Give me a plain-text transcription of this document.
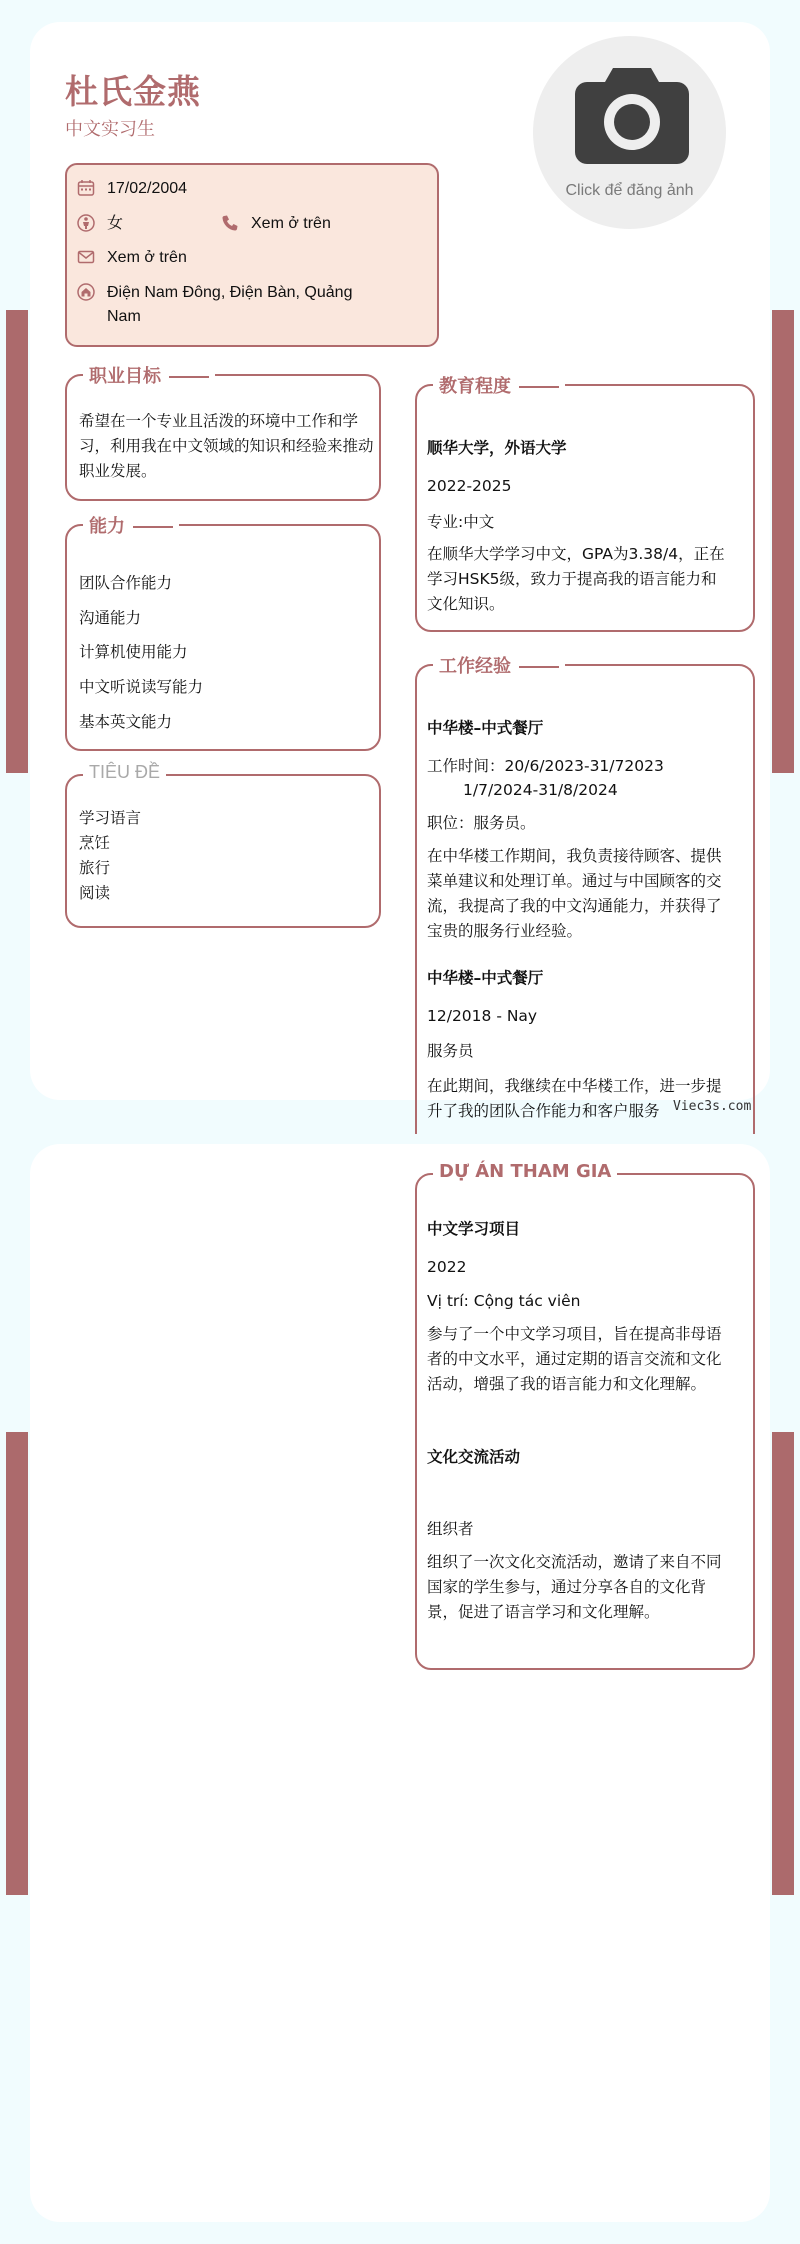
杜氏金燕
中文实习生
Click để đăng ảnh
17/02/2004
女	Xem ở trên
Xem ở trên
Điện Nam Đông, Điện Bàn, Quảng Nam
职业目标
希望在一个专业且活泼的环境中工作和学习，利用我在中文领域的知识和经验来推动职业发展。
能力
团队合作能力
沟通能力
计算机使用能力
中文听说读写能力
基本英文能力
TIÊU ĐỀ
学习语言
烹饪
旅行
阅读
教育程度
顺华大学，外语大学
2022-2025
专业:中文
在顺华大学学习中文，GPA为3.38/4，正在学习HSK5级，致力于提高我的语言能力和文化知识。
工作经验
中华楼–中式餐厅
工作时间：20/6/2023-31/72023
1/7/2024-31/8/2024
职位：服务员。
在中华楼工作期间，我负责接待顾客、提供菜单建议和处理订单。通过与中国顾客的交流，我提高了我的中文沟通能力，并获得了宝贵的服务行业经验。
中华楼–中式餐厅
12/2018 - Nay
服务员
在此期间，我继续在中华楼工作，进一步提升了我的团队合作能力和客户服务	Viec3s.com
DỰ ÁN THAM GIA
中文学习项目
2022
Vị trí: Cộng tác viên
参与了一个中文学习项目，旨在提高非母语者的中文水平，通过定期的语言交流和文化活动，增强了我的语言能力和文化理解。
文化交流活动
组织者
组织了一次文化交流活动，邀请了来自不同国家的学生参与，通过分享各自的文化背景，促进了语言学习和文化理解。
